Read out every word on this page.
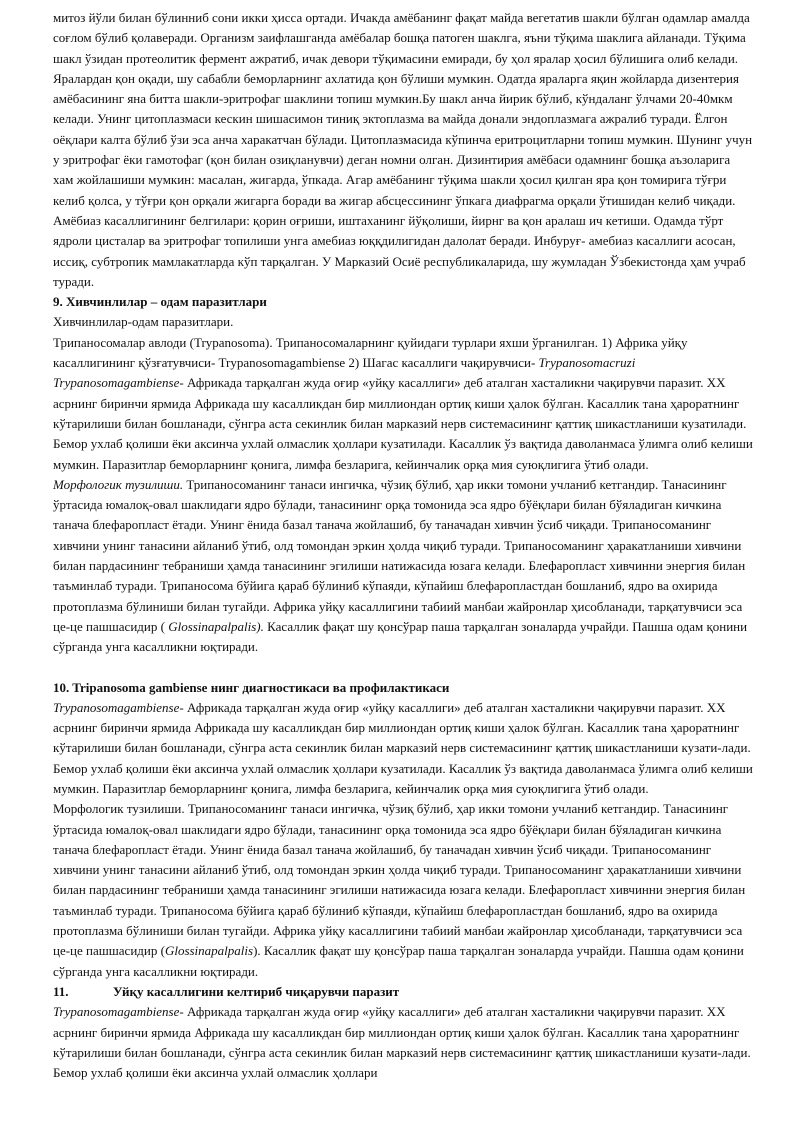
митоз йўли билан бўлинниб сони икки ҳисса ортади. Ичакда амёбанинг фақат майда вегетатив шакли бўлган одамлар амалда соғлом бўлиб қолаверади. Организм заифлашганда амёбалар бошқа патоген шаклга, яъни тўқима шаклига айланади. Тўқима шакл ўзидан протеолитик фермент ажратиб, ичак девори тўқимасини емиради, бу ҳол яралар ҳосил бўлишига олиб келади. Яралардан қон оқади, шу сабабли беморларнинг ахлатида қон бўлиши мумкин. Одатда яраларга яқин жойларда дизентерия амёбасининг яна битта шакли-эритрофаг шаклини топиш мумкин.Бу шакл анча йирик бўлиб, кўндаланг ўлчами 20-40мкм келади. Унинг цитоплазмаси кескин шишасимон тиниқ эктоплазма ва майда донали эндоплазмага ажралиб туради. Ёлгон оёқлари калта бўлиб ўзи эса анча харакатчан бўлади. Цитоплазмасида кўпинча еритроцитларни топиш мумкин. Шунинг учун у эритрофаг ёки гамотофаг (қон билан озиқланувчи) деган номни олган. Дизинтирия амёбаси одамнинг бошқа аъзоларига хам жойлашиши мумкин: масалан, жигарда, ўпкада. Агар амёбанинг тўқима шакли ҳосил қилган яра қон томирига тўғри келиб қолса, у тўғри қон орқали жигарга боради ва жигар абсцессининг ўпкага диафрагма орқали ўтишидан келиб чиқади. Амёбиаз касаллигининг белгилари: қорин оғриши, иштаханинг йўқолиши, йирнг ва қон аралаш ич кетиши. Одамда тўрт ядроли цисталар ва эритрофаг топилиши унга амебиаз юққдилигидан далолат беради. Инбуруғ- амебиаз касаллиги асосан, иссиқ, субтропик мамлакатларда кўп тарқалган. У Марказий Осиё республикаларида, шу жумладан Ўзбекистонда ҳам учраб туради.

9. Хивчинлилар – одам паразитлари

Хивчинлилар-одам паразитлари.

Трипаносомалар авлоди (Trypanosoma). Трипаносомаларнинг қуйидаги турлари яхши ўрганилган. 1) Африка уйқу касаллигининг қўзғатувчиси- Trypanosomagambiense 2) Шагас касаллиги чақирувчиси- Trypanosomacruzi Trypanosomagambiense- Африкада тарқалган жуда оғир «уйқу касаллиги» деб аталган хасталикни чақирувчи паразит. XX асрнинг биринчи ярмида Африкада шу касалликдан бир миллиондан ортиқ киши ҳалок бўлган. Касаллик тана ҳароратнинг кўтарилиши билан бошланади, сўнгра аста секинлик билан марказий нерв системасининг қаттиқ шикастланиши кузатилади. Бемор ухлаб қолиши ёки аксинча ухлай олмаслик ҳоллари кузатилади. Касаллик ўз вақтида даволанмаса ўлимга олиб келиши мумкин. Паразитлар беморларнинг қонига, лимфа безларига, кейинчалик орқа мия суюқлигига ўтиб олади.

Морфологик тузилиши. Трипаносоманинг танаси ингичка, чўзиқ бўлиб, ҳар икки томони учланиб кетгандир. Танасининг ўртасида юмалоқ-овал шаклидаги ядро бўлади, танасининг орқа томонида эса ядро бўёқлари билан бўяладиган кичкина танача блефаропласт ётади. Унинг ёнида базал танача жойлашиб, бу таначадан хивчин ўсиб чиқади. Трипаносоманинг хивчини унинг танасини айланиб ўтиб, олд томондан эркин ҳолда чиқиб туради. Трипаносоманинг ҳаракатланиши хивчини билан пардасининг тебраниши ҳамда танасининг эгилиши натижасида юзага келади. Блефаропласт хивчинни энергия билан таъминлаб туради. Трипаносома бўйига қараб бўлиниб кўпаяди, кўпайиш блефаропластдан бошланиб, ядро ва охирида протоплазма бўлиниши билан тугайди. Африка уйқу касаллигини табиий манбаи жайронлар ҳисобланади, тарқатувчиси эса це-це пашшасидир ( Glossinapalpalis). Касаллик фақат шу қонсўрар паша тарқалган зоналарда учрайди. Пашша одам қонини сўрганда унга касалликни юқтиради.

10. Tripanosoma gambiense нинг диагностикаси ва профилактикаси

Trypanosomagambiense- Африкада тарқалган жуда оғир «уйқу касаллиги» деб аталган хасталикни чақирувчи паразит. XX асрнинг биринчи ярмида Африкада шу касалликдан бир миллиондан ортиқ киши ҳалок бўлган. Касаллик тана ҳароратнинг кўтарилиши билан бошланади, сўнгра аста секинлик билан марказий нерв системасининг қаттиқ шикастланиши кузати-лади. Бемор ухлаб қолиши ёки аксинча ухлай олмаслик ҳоллари кузатилади. Касаллик ўз вақтида даволанмаса ўлимга олиб келиши мумкин. Паразитлар беморларнинг қонига, лимфа безларига, кейинчалик орқа мия суюқлигига ўтиб олади.

Морфологик тузилиши. Трипаносоманинг танаси ингичка, чўзиқ бўлиб, ҳар икки томони учланиб кетгандир. Танасининг ўртасида юмалоқ-овал шаклидаги ядро бўлади, танасининг орқа томонида эса ядро бўёқлари билан бўяладиган кичкина танача блефаропласт ётади. Унинг ёнида базал танача жойлашиб, бу таначадан хивчин ўсиб чиқади. Трипаносоманинг хивчини унинг танасини айланиб ўтиб, олд томондан эркин ҳолда чиқиб туради. Трипаносоманинг ҳаракатланиши хивчини билан пардасининг тебраниши ҳамда танасининг эгилиши натижасида юзага келади. Блефаропласт хивчинни энергия билан таъминлаб туради. Трипаносома бўйига қараб бўлиниб кўпаяди, кўпайиш блефаропластдан бошланиб, ядро ва охирида протоплазма бўлиниши билан тугайди. Африка уйқу касаллигини табиий манбаи жайронлар ҳисобланади, тарқатувчиси эса це-це пашшасидир (Glossinapalpalis). Касаллик фақат шу қонсўрар паша тарқалган зоналарда учрайди. Пашша одам қонини сўрганда унга касалликни юқтиради.

11.	Уйқу касаллигини келтириб чиқарувчи паразит

Trypanosomagambiense- Африкада тарқалган жуда оғир «уйқу касаллиги» деб аталган хасталикни чақирувчи паразит. XX асрнинг биринчи ярмида Африкада шу касалликдан бир миллиондан ортиқ киши ҳалок бўлган. Касаллик тана ҳароратнинг кўтарилиши билан бошланади, сўнгра аста секинлик билан марказий нерв системасининг қаттиқ шикастланиши кузати-лади. Бемор ухлаб қолиши ёки аксинча ухлай олмаслик ҳоллари
